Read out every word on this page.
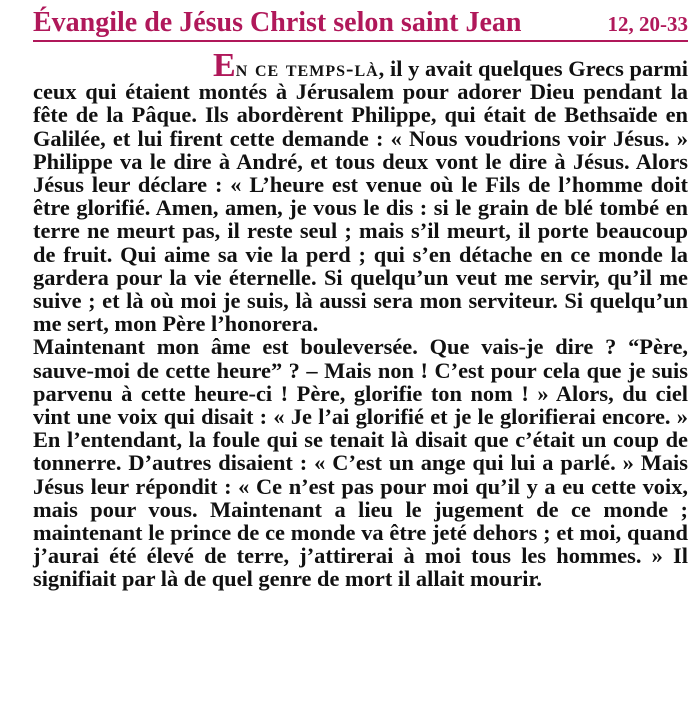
Évangile de Jésus Christ selon saint Jean	12, 20-33

En ce temps-là, il y avait quelques Grecs parmi ceux qui étaient montés à Jérusalem pour adorer Dieu pendant la fête de la Pâque. Ils abordèrent Philippe, qui était de Bethsaïde en Galilée, et lui firent cette demande : « Nous voudrions voir Jésus. » Philippe va le dire à André, et tous deux vont le dire à Jésus. Alors Jésus leur déclare : « L’heure est venue où le Fils de l’homme doit être glorifié. Amen, amen, je vous le dis : si le grain de blé tombé en terre ne meurt pas, il reste seul ; mais s’il meurt, il porte beaucoup de fruit. Qui aime sa vie la perd ; qui s’en détache en ce monde la gardera pour la vie éternelle. Si quelqu’un veut me servir, qu’il me suive ; et là où moi je suis, là aussi sera mon serviteur. Si quelqu’un me sert, mon Père l’honorera.

Maintenant mon âme est bouleversée. Que vais-je dire ? “Père, sauve-moi de cette heure” ? – Mais non ! C’est pour cela que je suis parvenu à cette heure-ci ! Père, glorifie ton nom ! » Alors, du ciel vint une voix qui disait : « Je l’ai glorifié et je le glorifierai encore. » En l’entendant, la foule qui se tenait là disait que c’était un coup de tonnerre. D’autres disaient : « C’est un ange qui lui a parlé. » Mais Jésus leur répondit : « Ce n’est pas pour moi qu’il y a eu cette voix, mais pour vous. Maintenant a lieu le jugement de ce monde ; maintenant le prince de ce monde va être jeté dehors ; et moi, quand j’aurai été élevé de terre, j’attirerai à moi tous les hommes. » Il signifiait par là de quel genre de mort il allait mourir.
